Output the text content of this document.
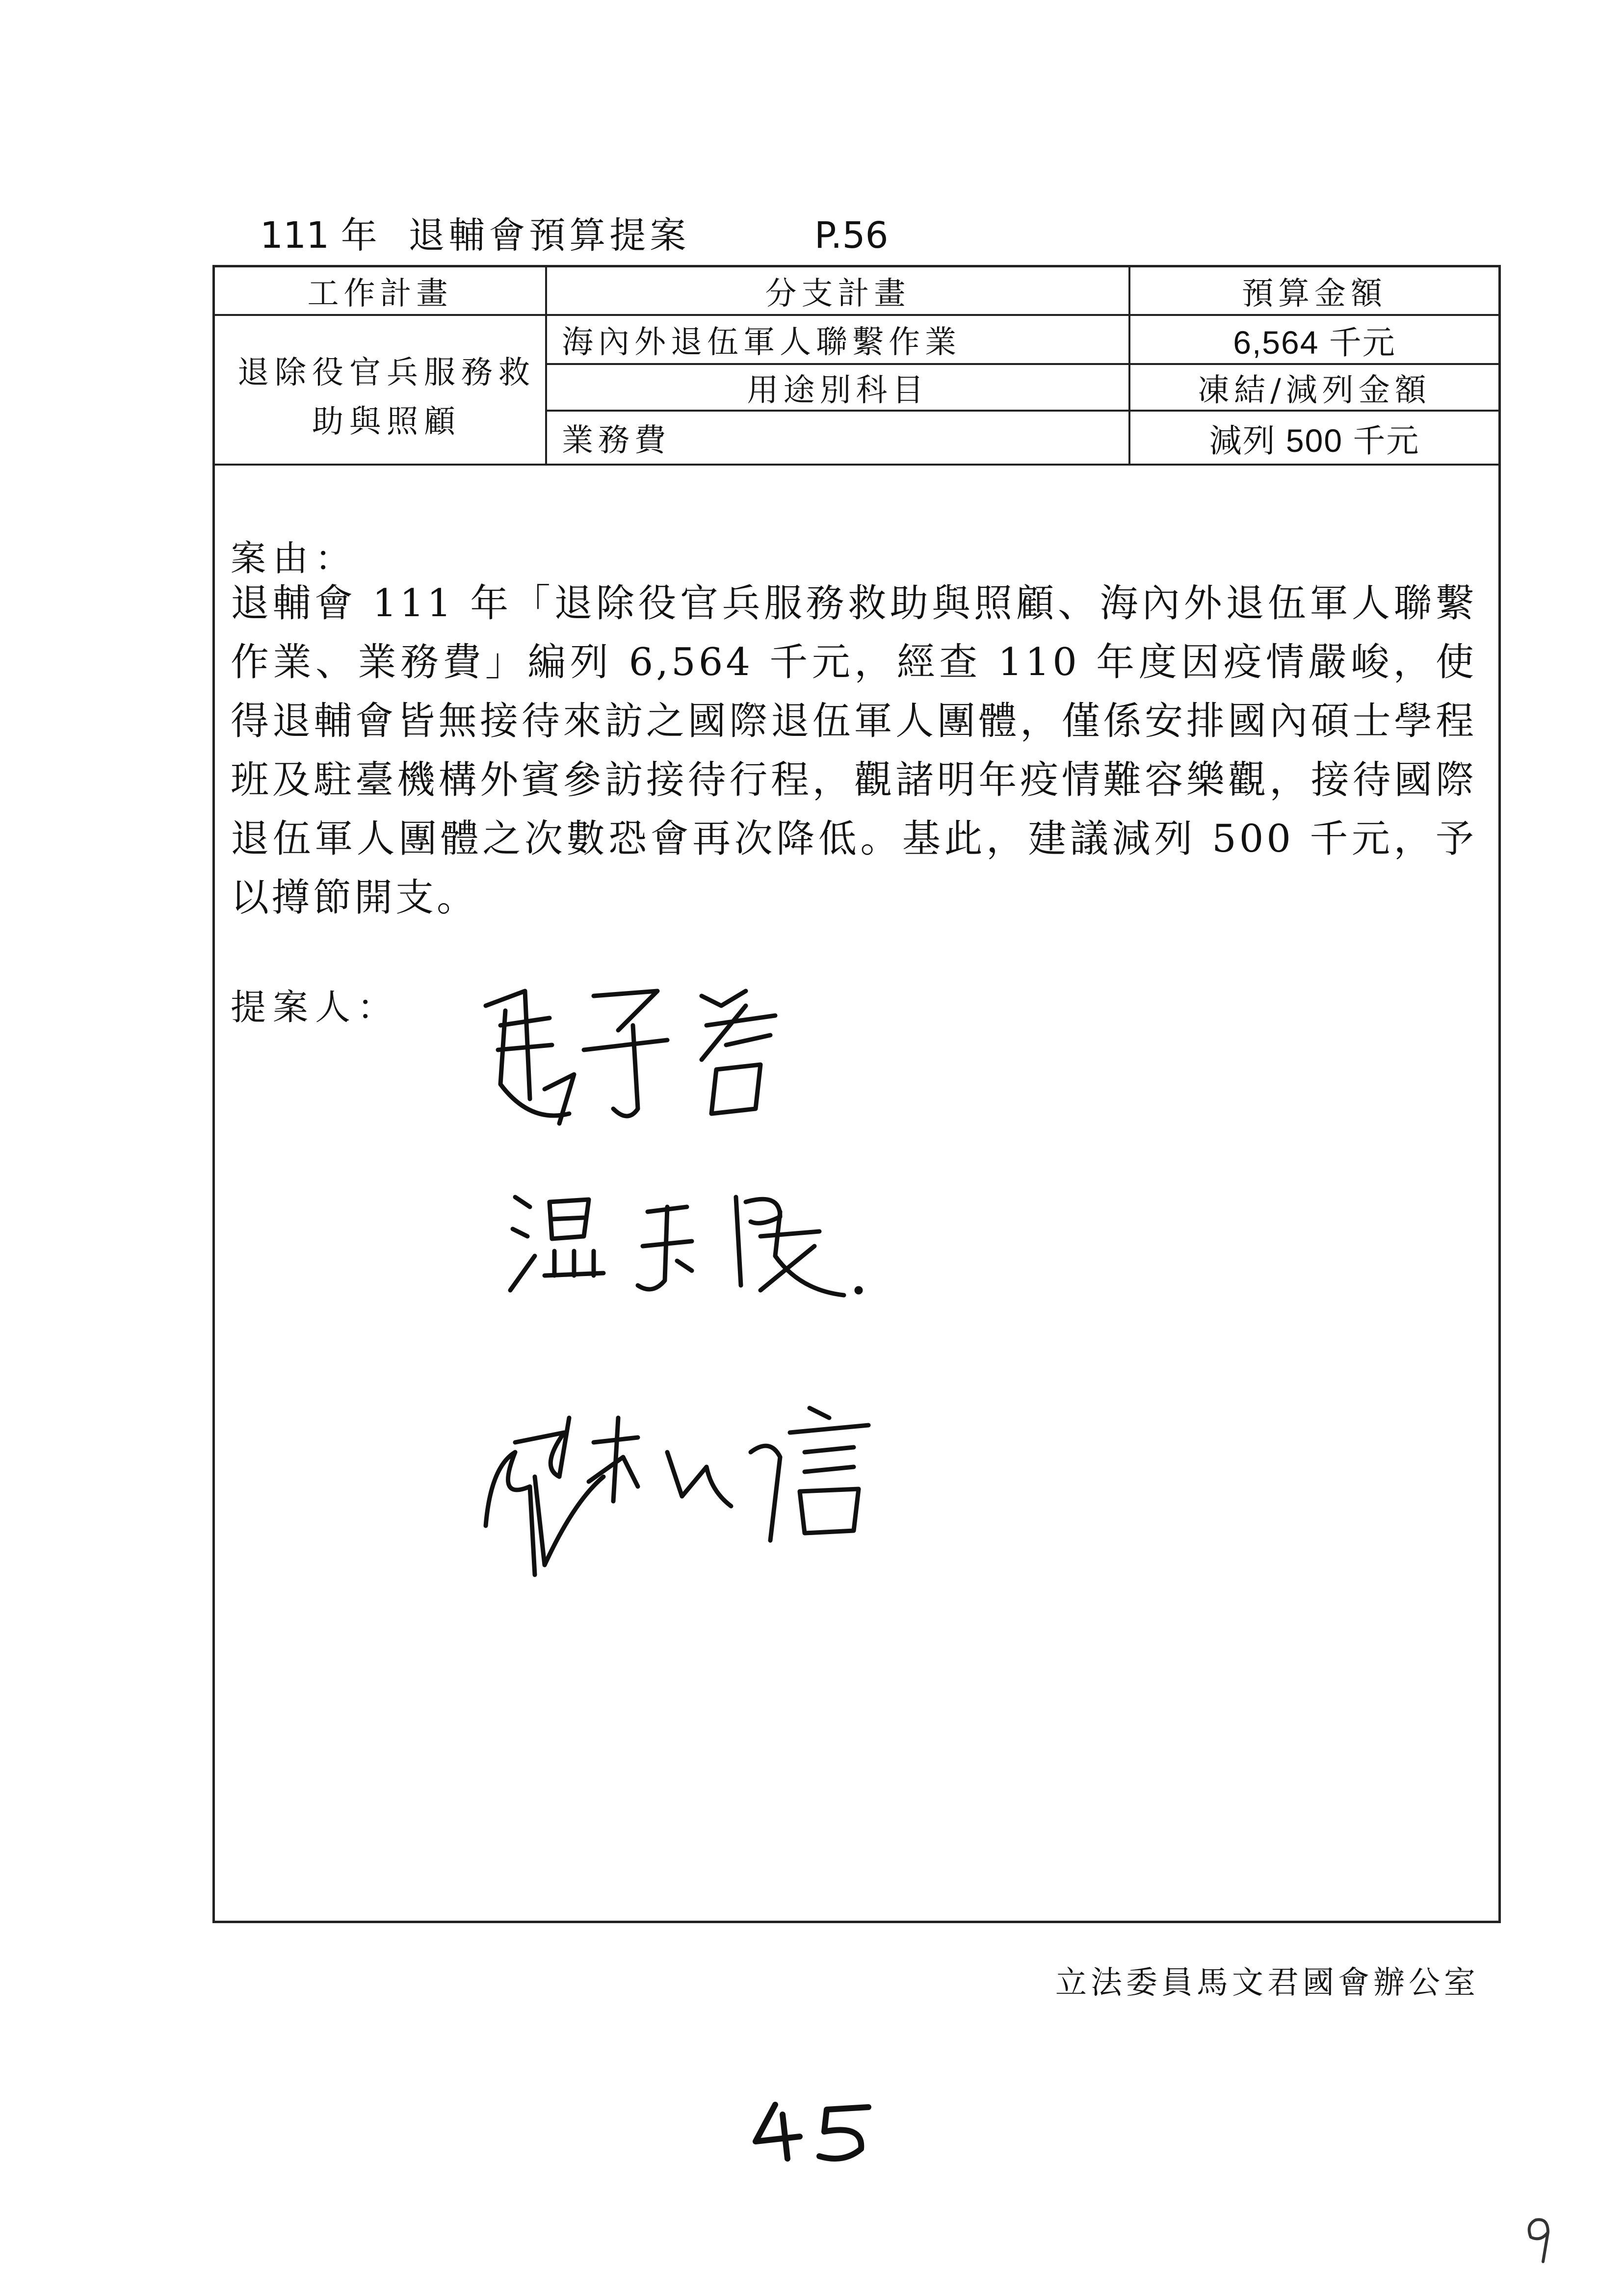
111 年 退輔會預算提案	P.56
工作計畫	分支計畫	預算金額
退除役官兵服務救助與照顧
海內外退伍軍人聯繫作業	6,564 千元
用途別科目	凍結/減列金額
業務費	減列 500 千元
案由：
退輔會 111 年「退除役官兵服務救助與照顧、海內外退伍軍人聯繫作業、業務費」編列 6,564 千元，經查 110 年度因疫情嚴峻，使得退輔會皆無接待來訪之國際退伍軍人團體，僅係安排國內碩士學程班及駐臺機構外賓參訪接待行程，觀諸明年疫情難容樂觀，接待國際退伍軍人團體之次數恐會再次降低。基此，建議減列 500 千元，予以撙節開支。
提案人：
立法委員馬文君國會辦公室
